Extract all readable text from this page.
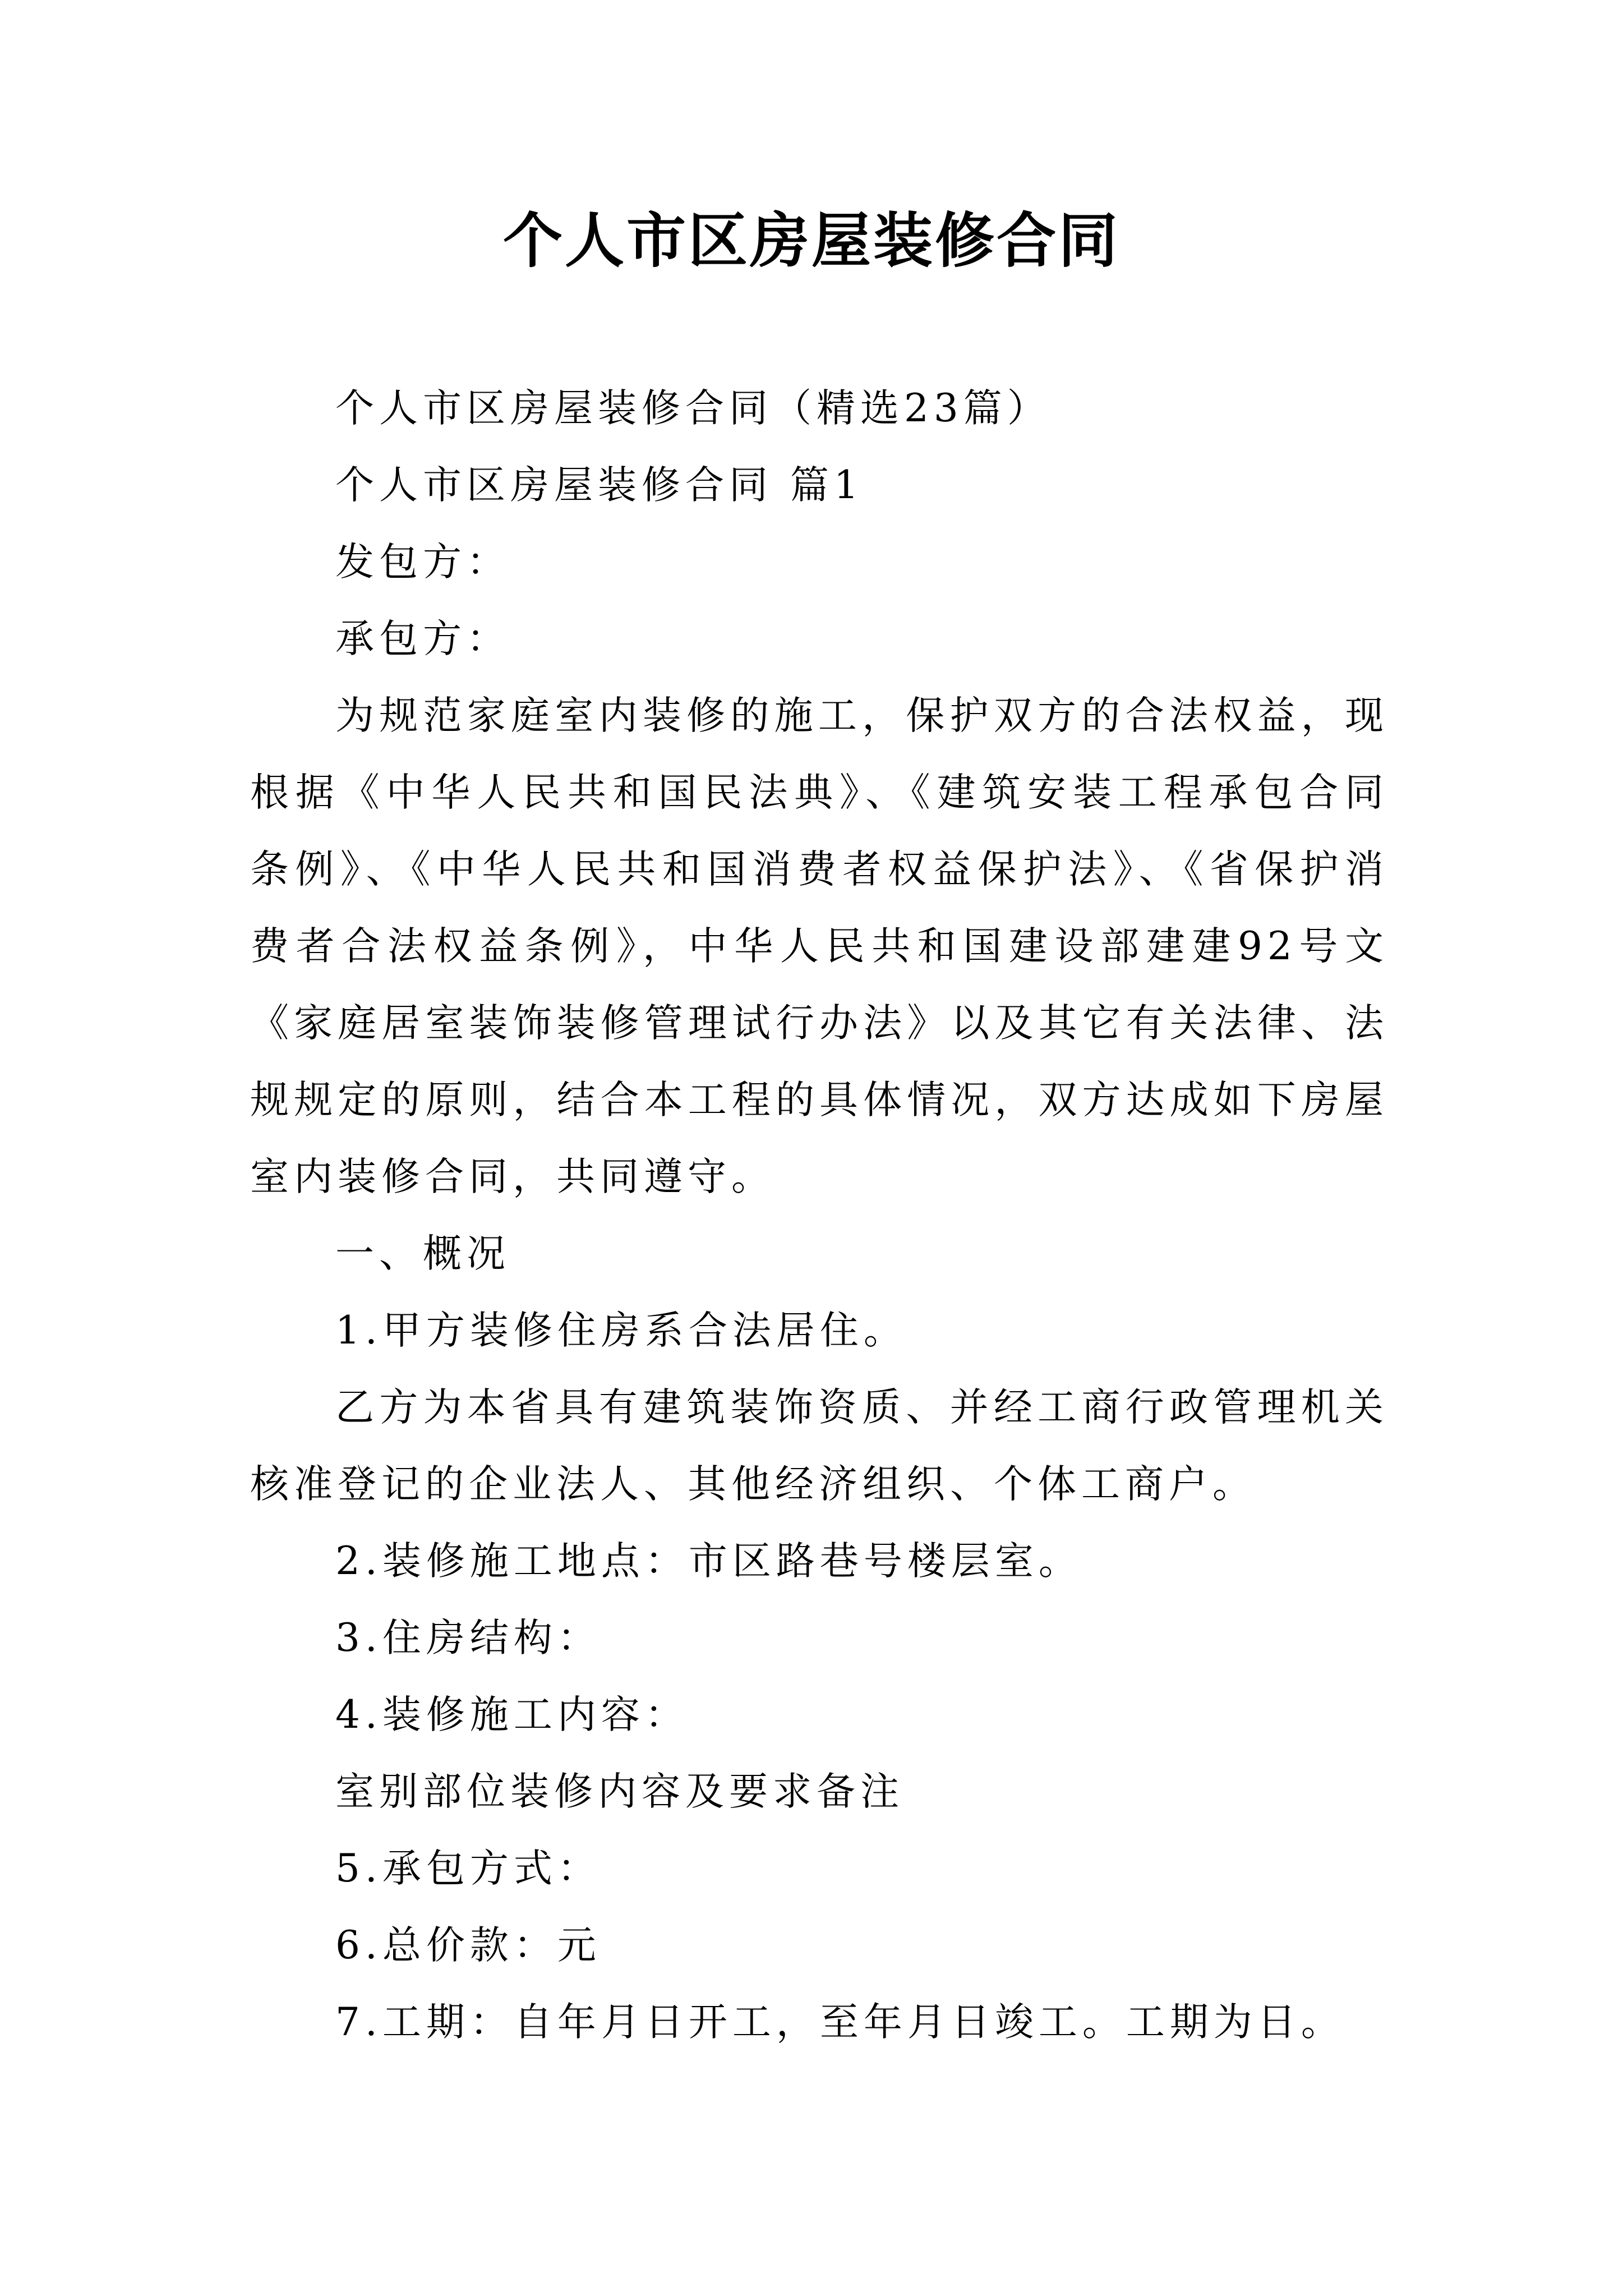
个人市区房屋装修合同

个人市区房屋装修合同（精选23篇）

个人市区房屋装修合同 篇1

发包方：

承包方：

为规范家庭室内装修的施工，保护双方的合法权益，现根据《中华人民共和国民法典》、《建筑安装工程承包合同条例》、《中华人民共和国消费者权益保护法》、《省保护消费者合法权益条例》，中华人民共和国建设部建建92号文《家庭居室装饰装修管理试行办法》以及其它有关法律、法规规定的原则，结合本工程的具体情况，双方达成如下房屋室内装修合同，共同遵守。

一、概况

1.甲方装修住房系合法居住。

乙方为本省具有建筑装饰资质、并经工商行政管理机关核准登记的企业法人、其他经济组织、个体工商户。

2.装修施工地点：市区路巷号楼层室。

3.住房结构：

4.装修施工内容：

室别部位装修内容及要求备注

5.承包方式：

6.总价款：元

7.工期：自年月日开工，至年月日竣工。工期为日。
